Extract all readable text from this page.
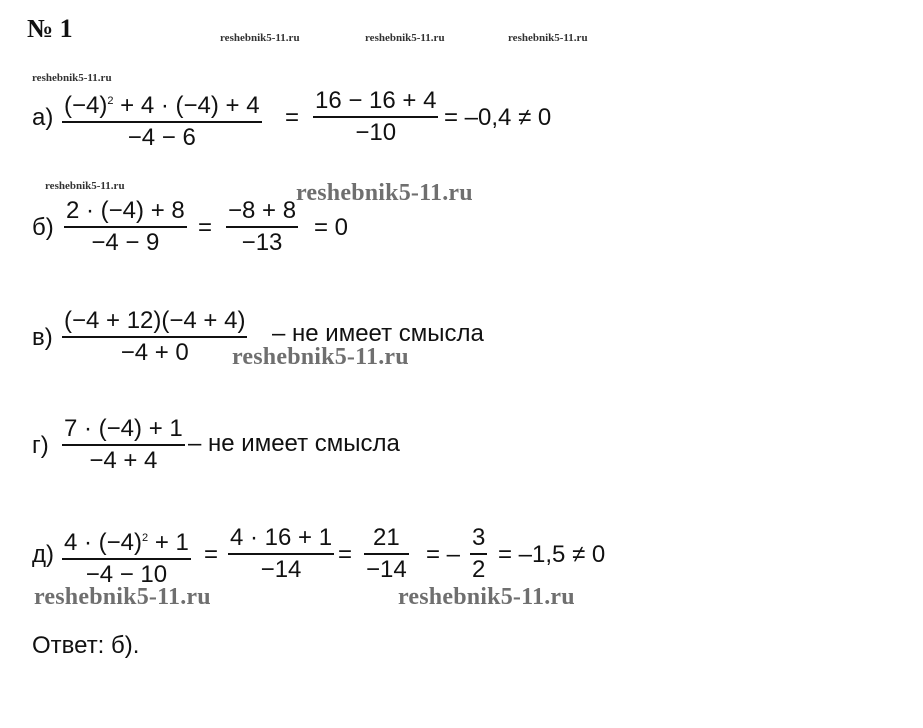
№ 1	reshebnik5-11.ru	reshebnik5-11.ru	reshebnik5-11.ru
reshebnik5-11.ru
reshebnik5-11.ru
а) $(-4)^2 + 4 \cdot (-4) + 4$
−4 − 6
=
16 − 16 + 4
−10
= –0,4 ≠ 0
reshebnik5-11.ru
б)
2 · (−4) + 8
−4 − 9
=
−8 + 8
−13
= 0
в)
(−4 + 12)(−4 + 4)
−4 + 0
– не имеет смысла
reshebnik5-11.ru
г)
7 · (−4) + 1
−4 + 4
– не имеет смысла
д) $4 \cdot (-4)^2 + 1$
−4 − 10
=
4 · 16 + 1
−14
=
21
−14
= –
3
2
= –1,5 ≠ 0
reshebnik5-11.ru	reshebnik5-11.ru
Ответ: б).
